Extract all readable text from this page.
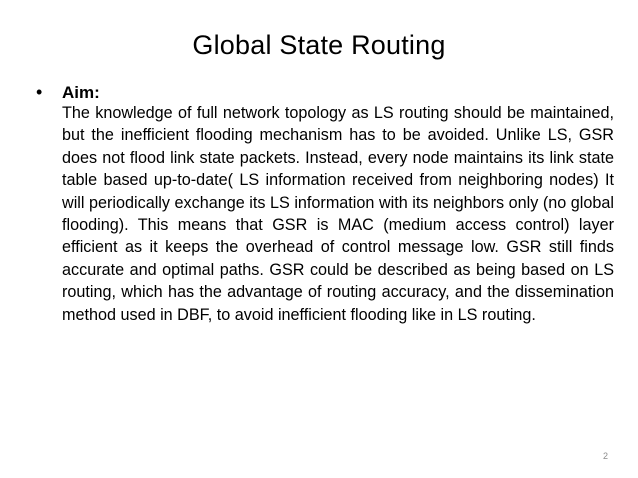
Global State Routing
• Aim:
The knowledge of full network topology as LS routing should be maintained, but the inefficient flooding mechanism has to be avoided. Unlike LS, GSR does not flood link state packets. Instead, every node maintains its link state table based up-to-date( LS information received from neighboring nodes) It will periodically exchange its LS information with its neighbors only (no global flooding). This means that GSR is MAC (medium access control) layer efficient as it keeps the overhead of control message low. GSR still finds accurate and optimal paths. GSR could be described as being based on LS routing, which has the advantage of routing accuracy, and the dissemination method used in DBF, to avoid inefficient flooding like in LS routing.
2
